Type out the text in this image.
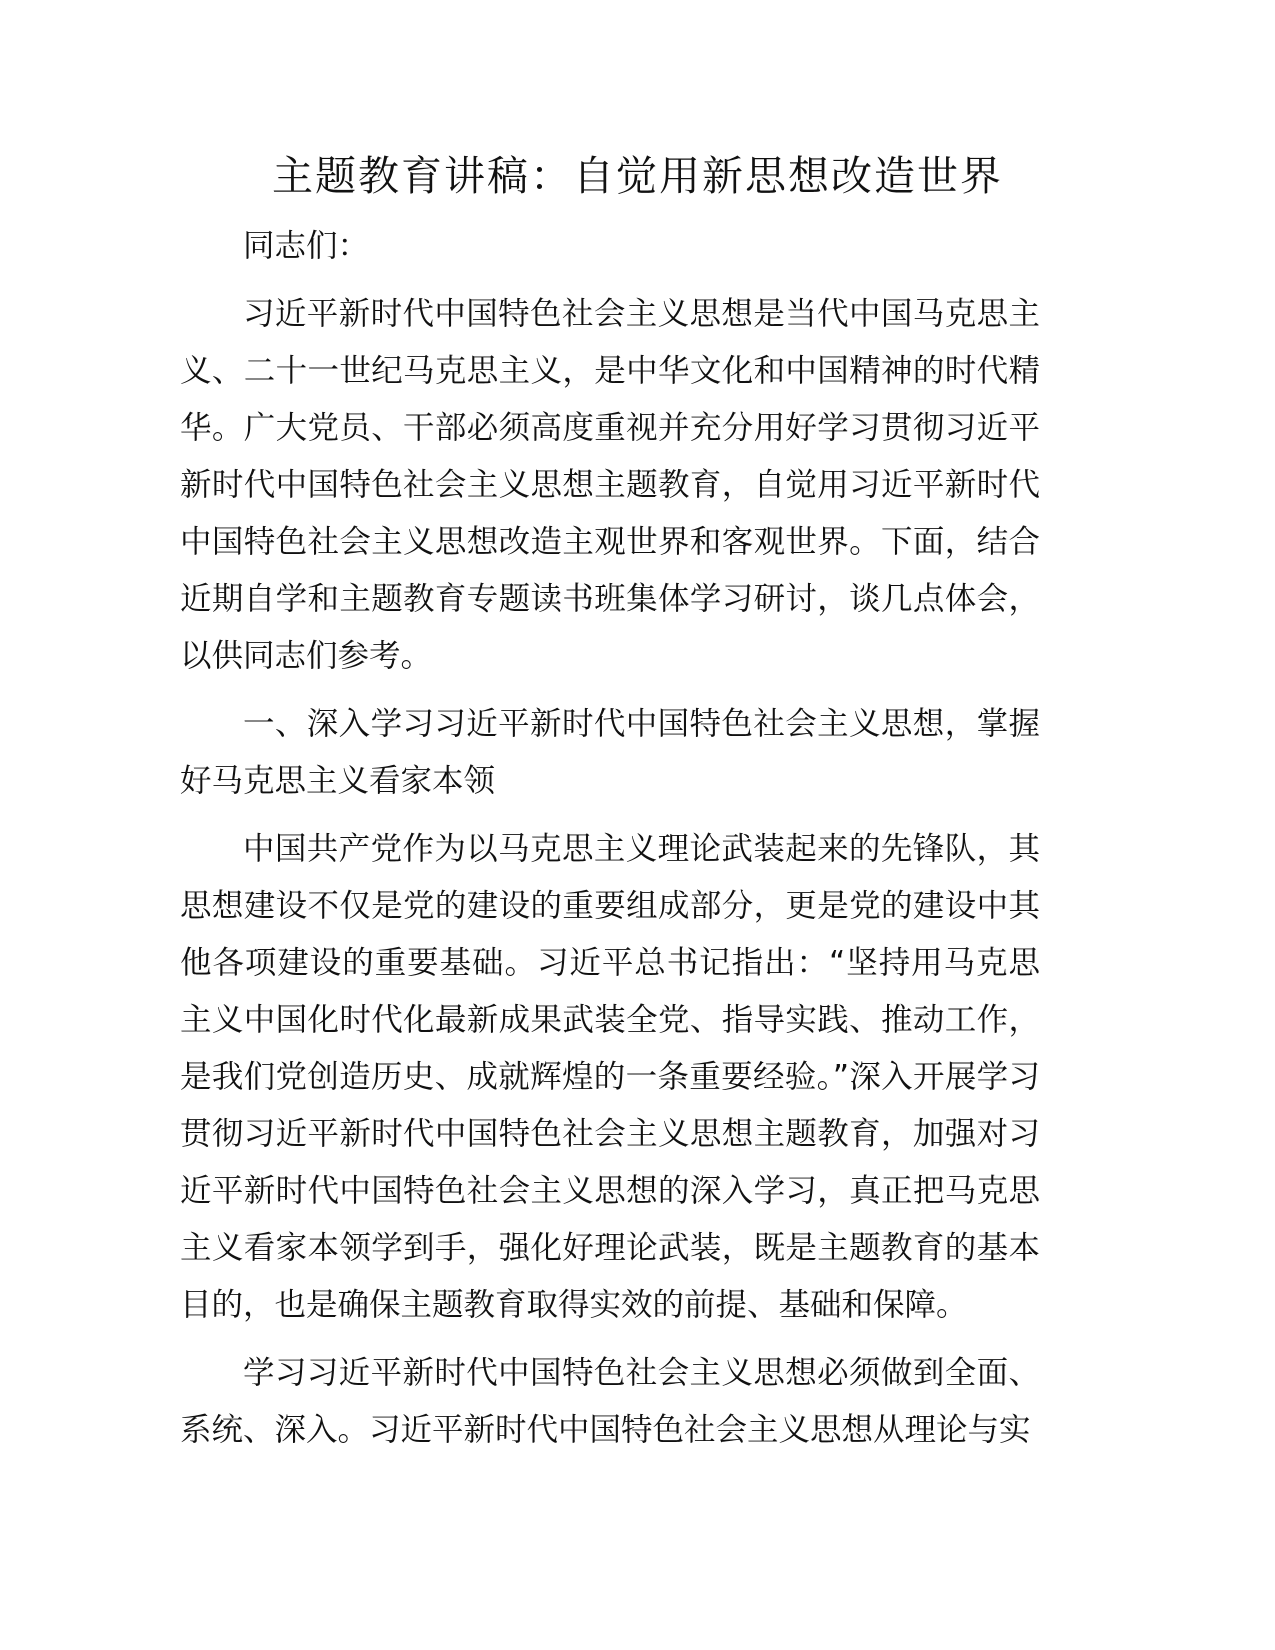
主题教育讲稿：自觉用新思想改造世界

同志们：

习近平新时代中国特色社会主义思想是当代中国马克思主义、二十一世纪马克思主义，是中华文化和中国精神的时代精华。广大党员、干部必须高度重视并充分用好学习贯彻习近平新时代中国特色社会主义思想主题教育，自觉用习近平新时代中国特色社会主义思想改造主观世界和客观世界。下面，结合近期自学和主题教育专题读书班集体学习研讨，谈几点体会，以供同志们参考。

一、深入学习习近平新时代中国特色社会主义思想，掌握好马克思主义看家本领

中国共产党作为以马克思主义理论武装起来的先锋队，其思想建设不仅是党的建设的重要组成部分，更是党的建设中其他各项建设的重要基础。习近平总书记指出：“坚持用马克思主义中国化时代化最新成果武装全党、指导实践、推动工作，是我们党创造历史、成就辉煌的一条重要经验。”深入开展学习贯彻习近平新时代中国特色社会主义思想主题教育，加强对习近平新时代中国特色社会主义思想的深入学习，真正把马克思主义看家本领学到手，强化好理论武装，既是主题教育的基本目的，也是确保主题教育取得实效的前提、基础和保障。

学习习近平新时代中国特色社会主义思想必须做到全面、系统、深入。习近平新时代中国特色社会主义思想从理论与实
